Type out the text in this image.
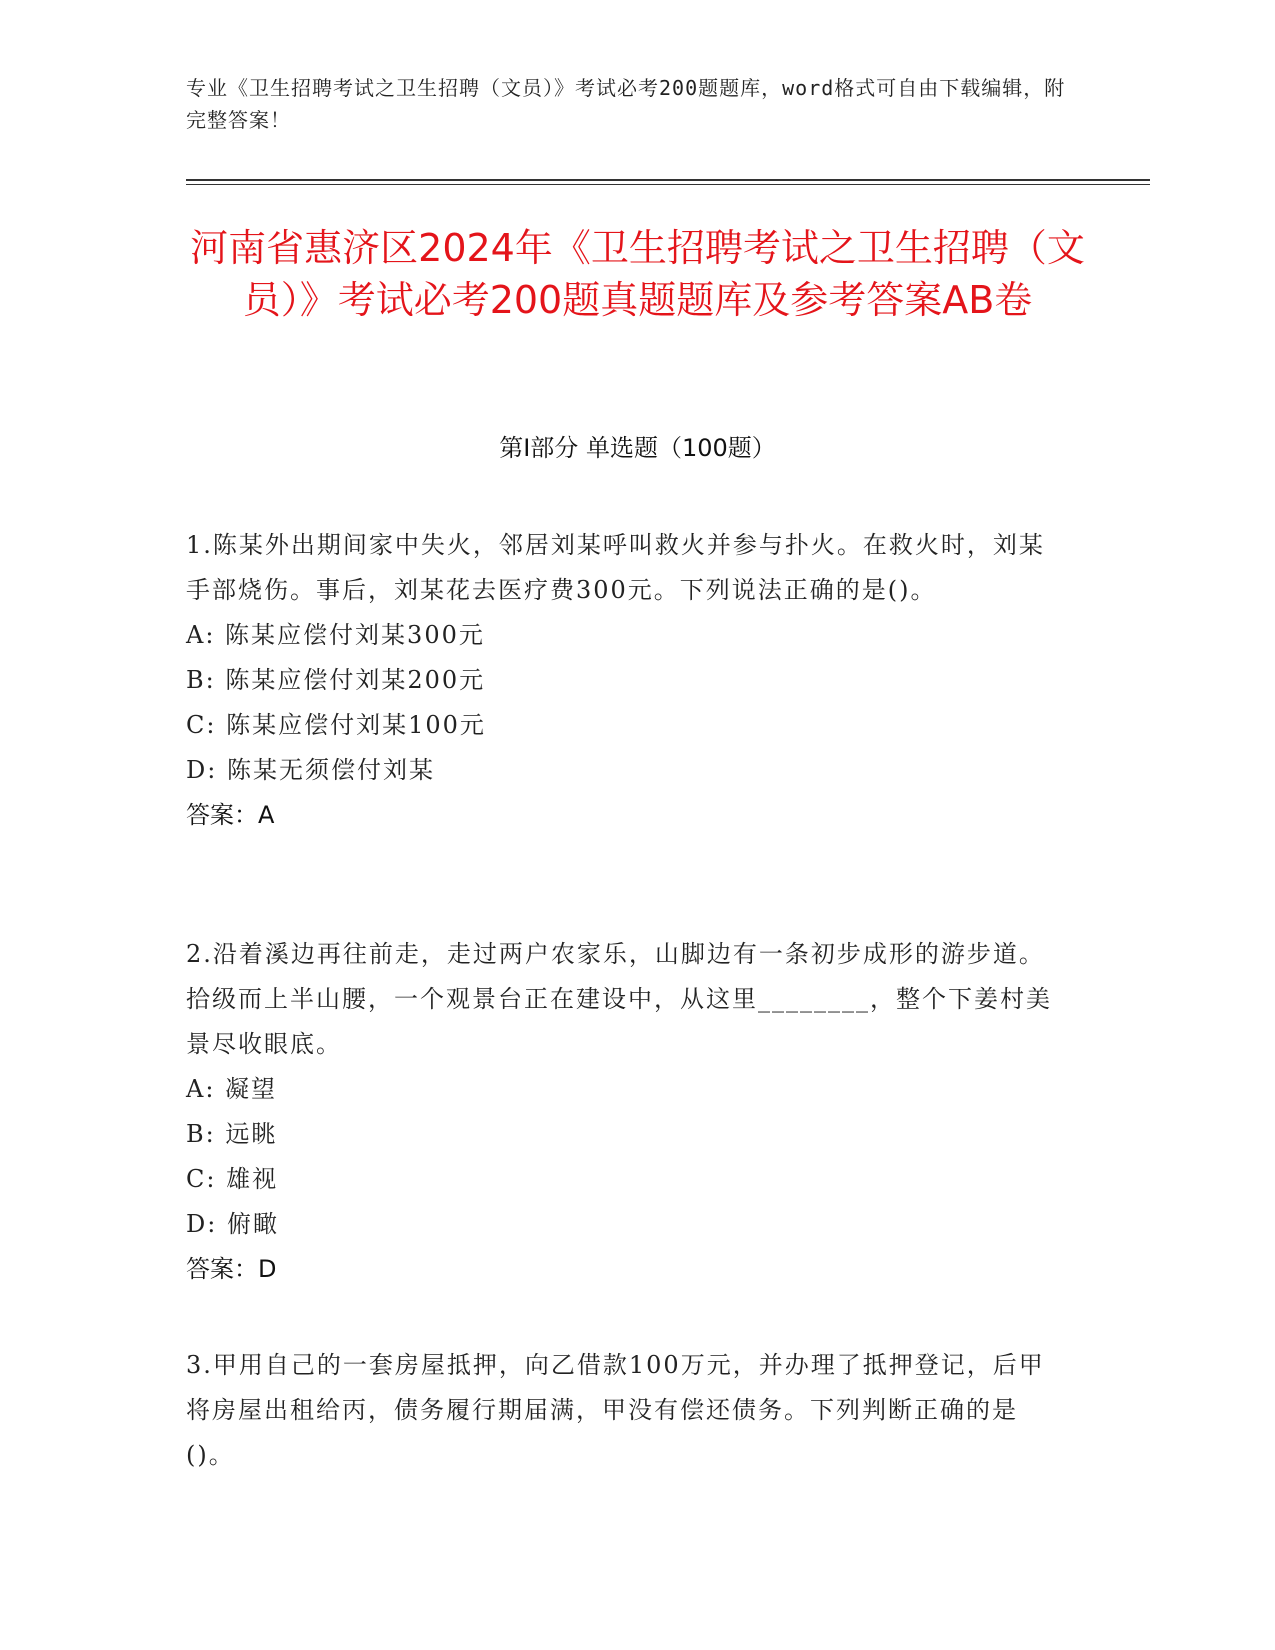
专业《卫生招聘考试之卫生招聘（文员）》考试必考200题题库，word格式可自由下载编辑，附完整答案！
河南省惠济区2024年《卫生招聘考试之卫生招聘（文员）》考试必考200题真题题库及参考答案AB卷
第Ⅰ部分 单选题（100题）

1.陈某外出期间家中失火，邻居刘某呼叫救火并参与扑火。在救火时，刘某手部烧伤。事后，刘某花去医疗费300元。下列说法正确的是()。

A: 陈某应偿付刘某300元

B: 陈某应偿付刘某200元

C: 陈某应偿付刘某100元

D: 陈某无须偿付刘某

答案：A

2.沿着溪边再往前走，走过两户农家乐，山脚边有一条初步成形的游步道。拾级而上半山腰，一个观景台正在建设中，从这里________，整个下姜村美景尽收眼底。

A: 凝望

B: 远眺

C: 雄视

D: 俯瞰

答案：D

3.甲用自己的一套房屋抵押，向乙借款100万元，并办理了抵押登记，后甲将房屋出租给丙，债务履行期届满，甲没有偿还债务。下列判断正确的是()。
